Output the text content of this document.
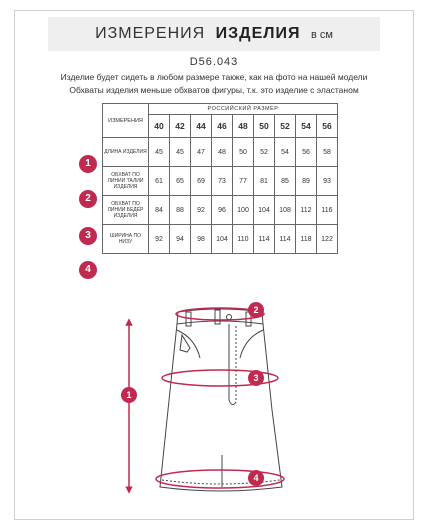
ИЗМЕРЕНИЯ ИЗДЕЛИЯ в см
D56.043
Изделие будет сидеть в любом размере также, как на фото на нашей модели
Обхваты изделия меньше обхватов фигуры, т.к. это изделие с эластаном
ИЗМЕРЕНИЯ	РОССИЙСКИЙ РАЗМЕР								
	40	42	44	46	48	50	52	54	56
ДЛИНА ИЗДЕЛИЯ	45	45	47	48	50	52	54	56	58
ОБХВАТ ПО ЛИНИИ ТАЛИИ ИЗДЕЛИЯ	61	65	69	73	77	81	85	89	93
ОБХВАТ ПО ЛИНИИ БЕДЕР ИЗДЕЛИЯ	84	88	92	96	100	104	108	112	116
ШИРИНА ПО НИЗУ	92	94	98	104	110	114	114	118	122
1
2
3
4
1
2
3
4
